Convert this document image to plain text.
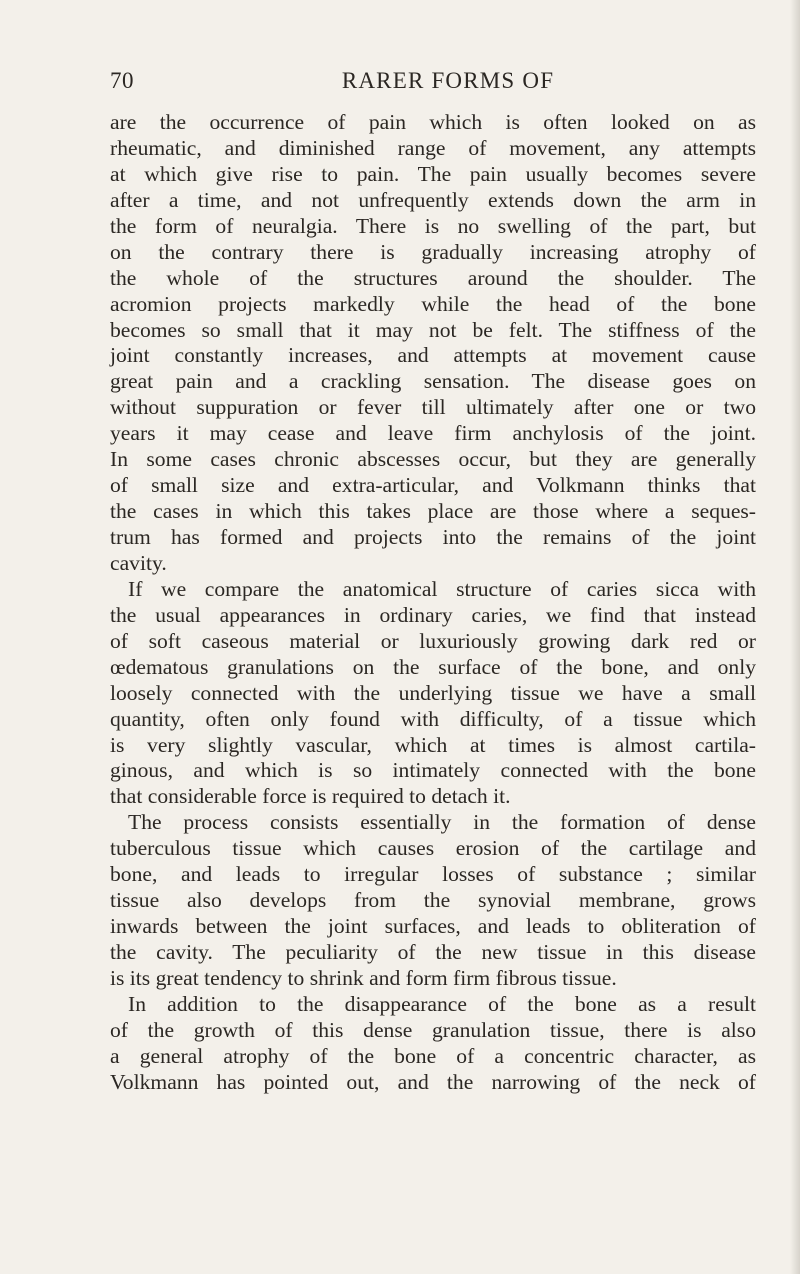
70	RARER FORMS OF
are the occurrence of pain which is often looked on as
rheumatic, and diminished range of movement, any attempts
at which give rise to pain. The pain usually becomes severe
after a time, and not unfrequently extends down the arm in
the form of neuralgia. There is no swelling of the part, but
on the contrary there is gradually increasing atrophy of
the whole of the structures around the shoulder. The
acromion projects markedly while the head of the bone
becomes so small that it may not be felt. The stiffness of the
joint constantly increases, and attempts at movement cause
great pain and a crackling sensation. The disease goes on
without suppuration or fever till ultimately after one or two
years it may cease and leave firm anchylosis of the joint.
In some cases chronic abscesses occur, but they are generally
of small size and extra-articular, and Volkmann thinks that
the cases in which this takes place are those where a seques-
trum has formed and projects into the remains of the joint
cavity.
If we compare the anatomical structure of caries sicca with
the usual appearances in ordinary caries, we find that instead
of soft caseous material or luxuriously growing dark red or
œdematous granulations on the surface of the bone, and only
loosely connected with the underlying tissue we have a small
quantity, often only found with difficulty, of a tissue which
is very slightly vascular, which at times is almost cartila-
ginous, and which is so intimately connected with the bone
that considerable force is required to detach it.
The process consists essentially in the formation of dense
tuberculous tissue which causes erosion of the cartilage and
bone, and leads to irregular losses of substance ; similar
tissue also develops from the synovial membrane, grows
inwards between the joint surfaces, and leads to obliteration of
the cavity. The peculiarity of the new tissue in this disease
is its great tendency to shrink and form firm fibrous tissue.
In addition to the disappearance of the bone as a result
of the growth of this dense granulation tissue, there is also
a general atrophy of the bone of a concentric character, as
Volkmann has pointed out, and the narrowing of the neck of
